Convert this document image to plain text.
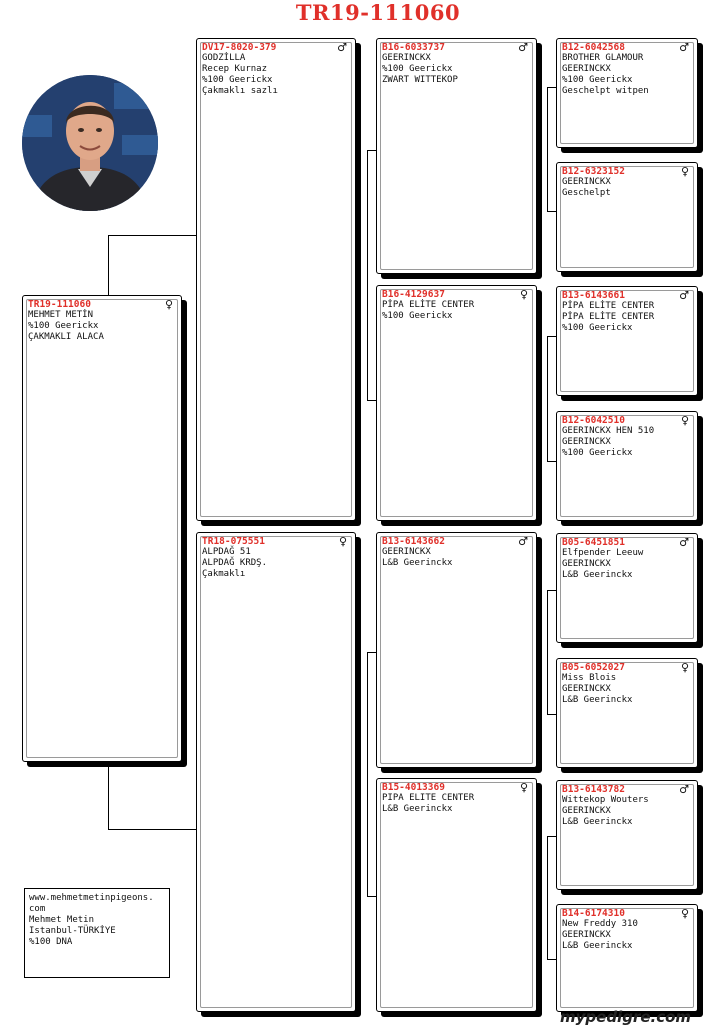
TR19-111060
TR19-111060	♀
MEHMET METİN
%100 Geerickx
ÇAKMAKLI ALACA
DV17-8020-379	♂
GODZİLLA
Recep Kurnaz
%100 Geerickx
Çakmaklı sazlı
TR18-075551	♀
ALPDAĞ 51
ALPDAĞ KRDŞ.
Çakmaklı
B16-6033737	♂
GEERINCKX
%100 Geerickx
ZWART WITTEKOP
B16-4129637	♀
PİPA ELİTE CENTER
%100 Geerickx
B13-6143662	♂
GEERINCKX
L&B Geerinckx
B15-4013369	♀
PIPA ELITE CENTER
L&B Geerinckx
B12-6042568	♂
BROTHER GLAMOUR
GEERINCKX
%100 Geerickx
Geschelpt witpen
B12-6323152	♀
GEERINCKX
Geschelpt
B13-6143661	♂
PİPA ELİTE CENTER
PİPA ELİTE CENTER
%100 Geerickx
B12-6042510	♀
GEERINCKX HEN 510
GEERINCKX
%100 Geerickx
B05-6451851	♂
Elfpender Leeuw
GEERINCKX
L&B Geerinckx
B05-6052027	♀
Miss Blois
GEERINCKX
L&B Geerinckx
B13-6143782	♂
Wittekop Wouters
GEERINCKX
L&B Geerinckx
B14-6174310	♀
New Freddy 310
GEERINCKX
L&B Geerinckx
www.mehmetmetinpigeons.
com
Mehmet Metin
Istanbul-TÜRKİYE
%100 DNA
mypedigre.com
